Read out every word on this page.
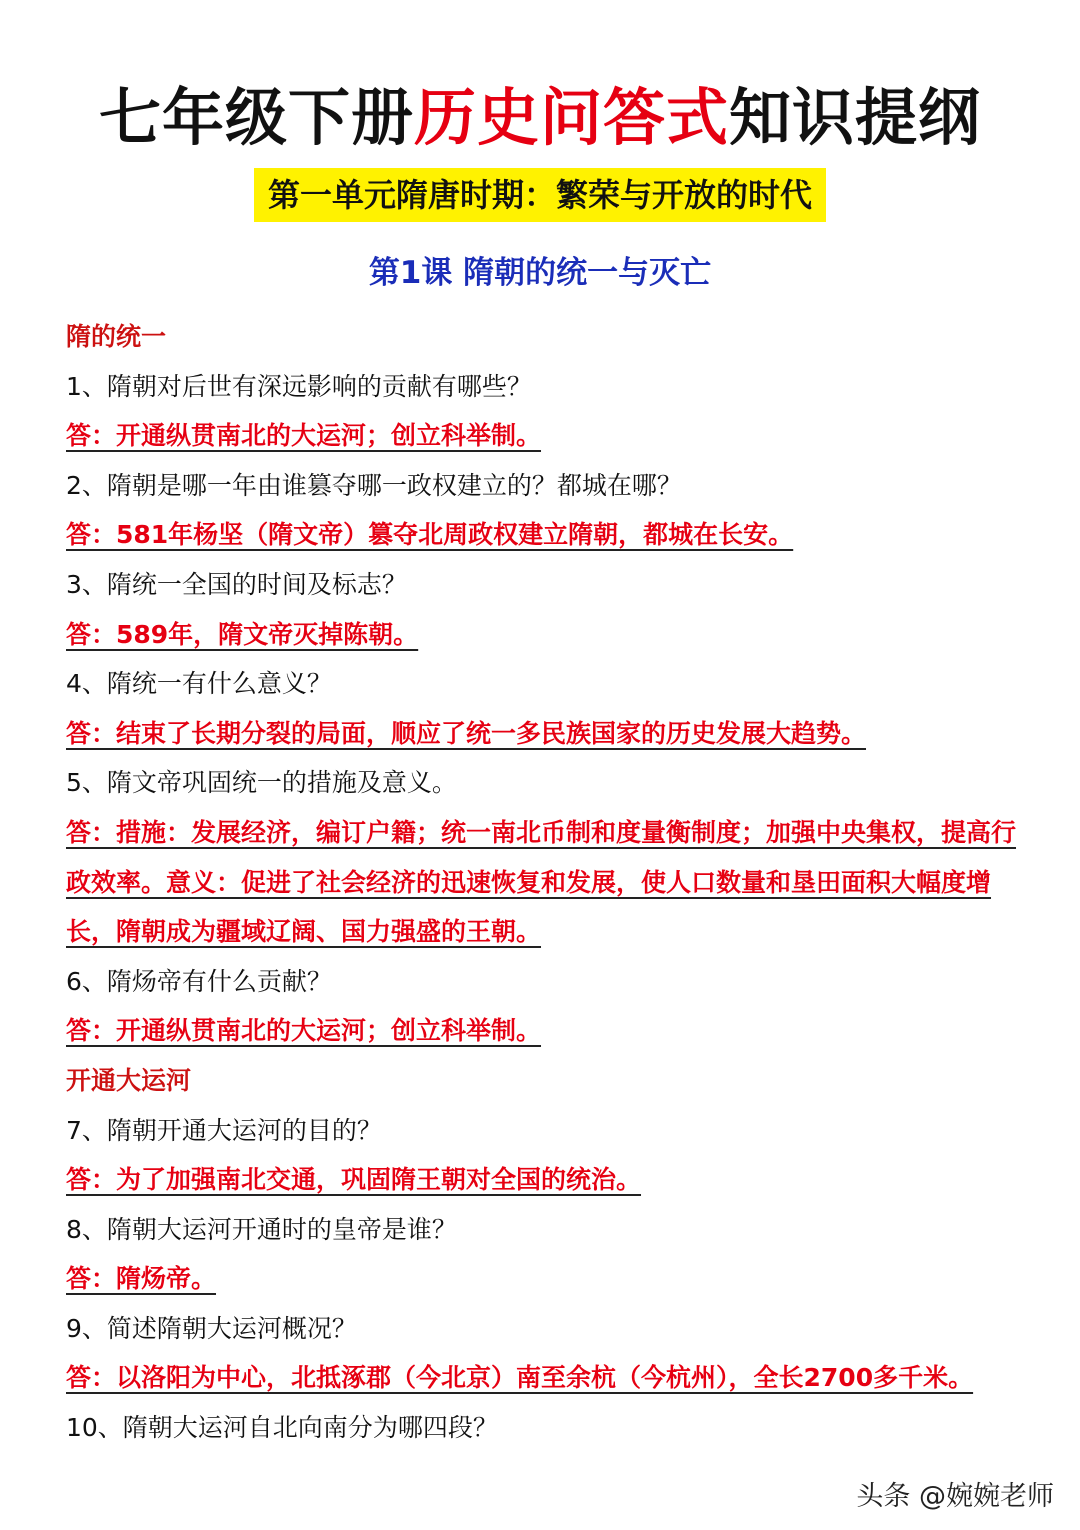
七年级下册历史问答式知识提纲
第一单元隋唐时期：繁荣与开放的时代
第1课 隋朝的统一与灭亡
隋的统一
1、隋朝对后世有深远影响的贡献有哪些？
答：开通纵贯南北的大运河；创立科举制。
2、隋朝是哪一年由谁篡夺哪一政权建立的？都城在哪？
答：581年杨坚（隋文帝）篡夺北周政权建立隋朝，都城在长安。
3、隋统一全国的时间及标志？
答：589年，隋文帝灭掉陈朝。
4、隋统一有什么意义？
答：结束了长期分裂的局面，顺应了统一多民族国家的历史发展大趋势。
5、隋文帝巩固统一的措施及意义。
答：措施：发展经济，编订户籍；统一南北币制和度量衡制度；加强中央集权，提高行政效率。意义：促进了社会经济的迅速恢复和发展，使人口数量和垦田面积大幅度增长，隋朝成为疆域辽阔、国力强盛的王朝。
6、隋炀帝有什么贡献？
答：开通纵贯南北的大运河；创立科举制。
开通大运河
7、隋朝开通大运河的目的？
答：为了加强南北交通，巩固隋王朝对全国的统治。
8、隋朝大运河开通时的皇帝是谁？
答：隋炀帝。
9、简述隋朝大运河概况？
答：以洛阳为中心，北抵涿郡（今北京）南至余杭（今杭州），全长2700多千米。
10、隋朝大运河自北向南分为哪四段？
头条 @婉婉老师
